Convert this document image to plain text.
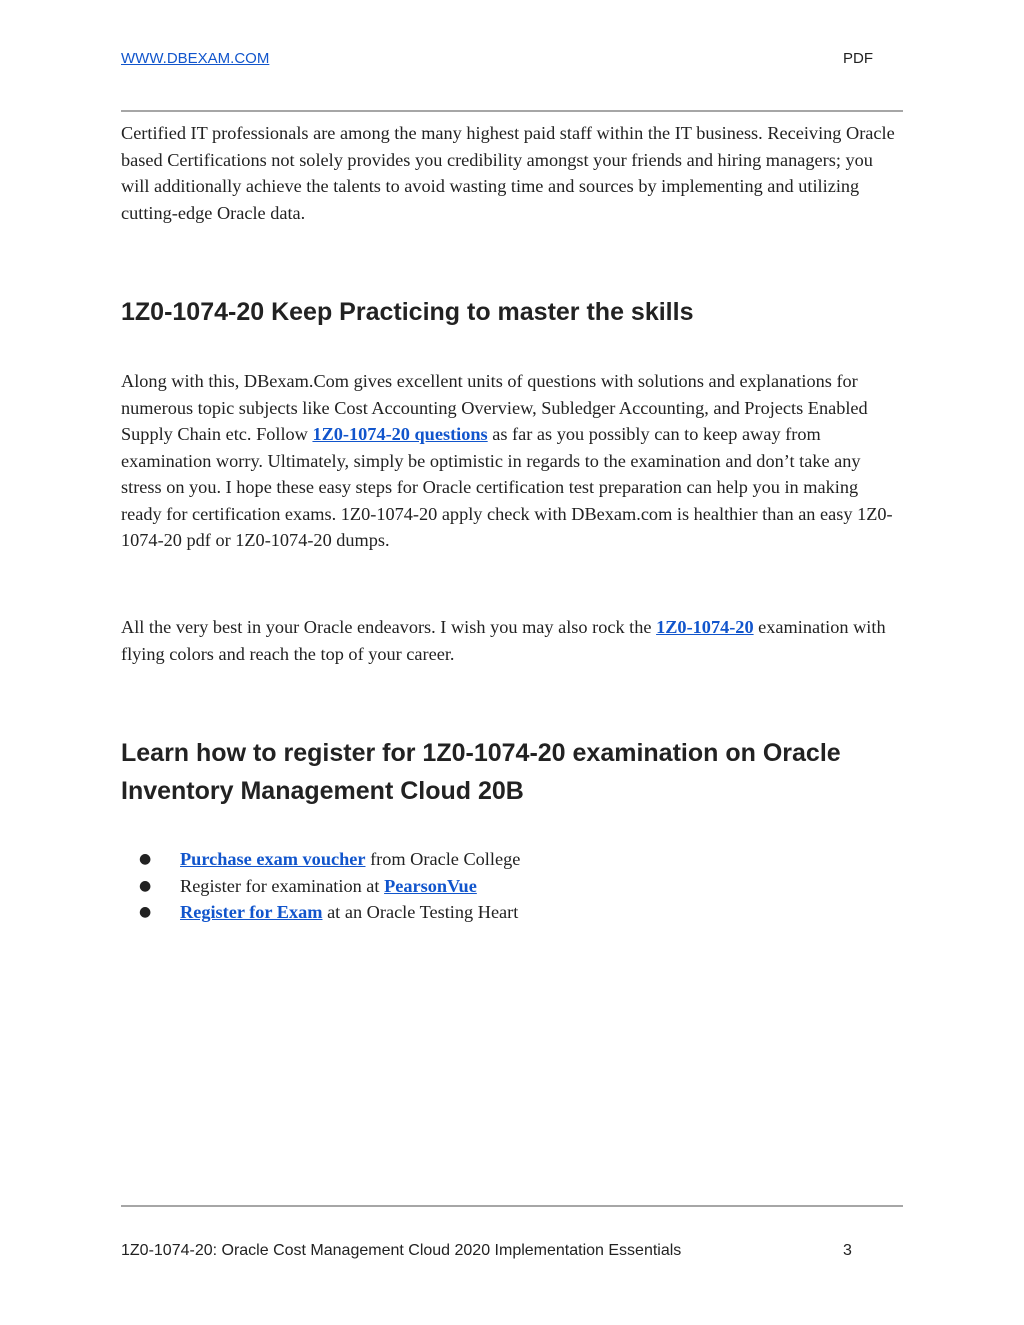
WWW.DBEXAM.COM	PDF

Certified IT professionals are among the many highest paid staff within the IT business. Receiving Oracle based Certifications not solely provides you credibility amongst your friends and hiring managers; you will additionally achieve the talents to avoid wasting time and sources by implementing and utilizing cutting-edge Oracle data.

1Z0-1074-20 Keep Practicing to master the skills

Along with this, DBexam.Com gives excellent units of questions with solutions and explanations for numerous topic subjects like Cost Accounting Overview, Subledger Accounting, and Projects Enabled Supply Chain etc. Follow 1Z0-1074-20 questions as far as you possibly can to keep away from examination worry. Ultimately, simply be optimistic in regards to the examination and don’t take any stress on you. I hope these easy steps for Oracle certification test preparation can help you in making ready for certification exams. 1Z0-1074-20 apply check with DBexam.com is healthier than an easy 1Z0-1074-20 pdf or 1Z0-1074-20 dumps.

All the very best in your Oracle endeavors. I wish you may also rock the 1Z0-1074-20 examination with flying colors and reach the top of your career.

Learn how to register for 1Z0-1074-20 examination on Oracle Inventory Management Cloud 20B
● Purchase exam voucher from Oracle College
● Register for examination at PearsonVue
● Register for Exam at an Oracle Testing Heart
1Z0-1074-20: Oracle Cost Management Cloud 2020 Implementation Essentials	3
